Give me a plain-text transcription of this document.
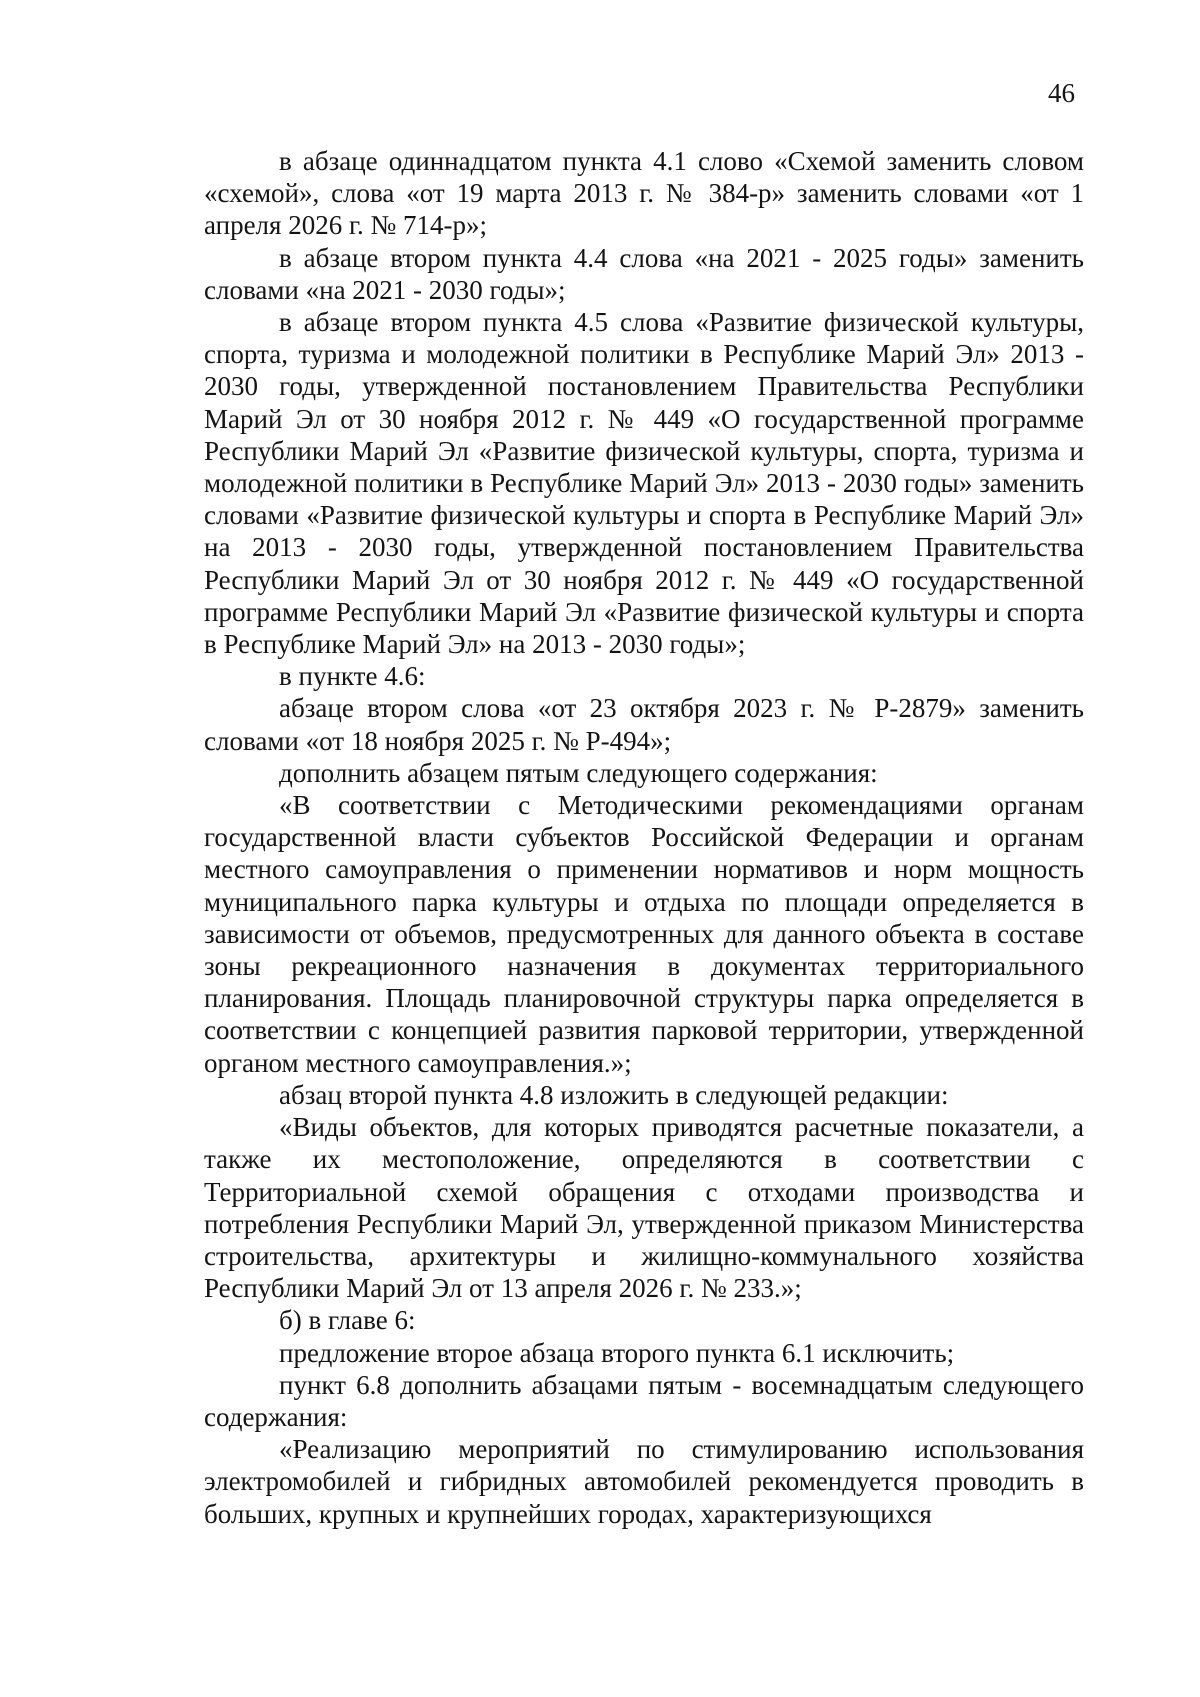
46

в абзаце одиннадцатом пункта 4.1 слово «Схемой заменить словом «схемой», слова «от 19 марта 2013 г. № 384-р» заменить словами «от 1 апреля 2026 г. № 714-р»;

в абзаце втором пункта 4.4 слова «на 2021 - 2025 годы» заменить словами «на 2021 - 2030 годы»;

в абзаце втором пункта 4.5 слова «Развитие физической культуры, спорта, туризма и молодежной политики в Республике Марий Эл» 2013 - 2030 годы, утвержденной постановлением Правительства Республики Марий Эл от 30 ноября 2012 г. № 449 «О государственной программе Республики Марий Эл «Развитие физической культуры, спорта, туризма и молодежной политики в Республике Марий Эл» 2013 - 2030 годы» заменить словами «Развитие физической культуры и спорта в Республике Марий Эл» на 2013 - 2030 годы, утвержденной постановлением Правительства Республики Марий Эл от 30 ноября 2012 г. № 449 «О государственной программе Республики Марий Эл «Развитие физической культуры и спорта в Республике Марий Эл» на 2013 - 2030 годы»;

в пункте 4.6:

абзаце втором слова «от 23 октября 2023 г. № Р-2879» заменить словами «от 18 ноября 2025 г. № Р-494»;

дополнить абзацем пятым следующего содержания:

«В соответствии с Методическими рекомендациями органам государственной власти субъектов Российской Федерации и органам местного самоуправления о применении нормативов и норм мощность муниципального парка культуры и отдыха по площади определяется в зависимости от объемов, предусмотренных для данного объекта в составе зоны рекреационного назначения в документах территориального планирования. Площадь планировочной структуры парка определяется в соответствии с концепцией развития парковой территории, утвержденной органом местного самоуправления.»;

абзац второй пункта 4.8 изложить в следующей редакции:

«Виды объектов, для которых приводятся расчетные показатели, а также их местоположение, определяются в соответствии с Территориальной схемой обращения с отходами производства и потребления Республики Марий Эл, утвержденной приказом Министерства строительства, архитектуры и жилищно-коммунального хозяйства Республики Марий Эл от 13 апреля 2026 г. № 233.»;

б) в главе 6:

предложение второе абзаца второго пункта 6.1 исключить;

пункт 6.8 дополнить абзацами пятым - восемнадцатым следующего содержания:

«Реализацию мероприятий по стимулированию использования электромобилей и гибридных автомобилей рекомендуется проводить в больших, крупных и крупнейших городах, характеризующихся
